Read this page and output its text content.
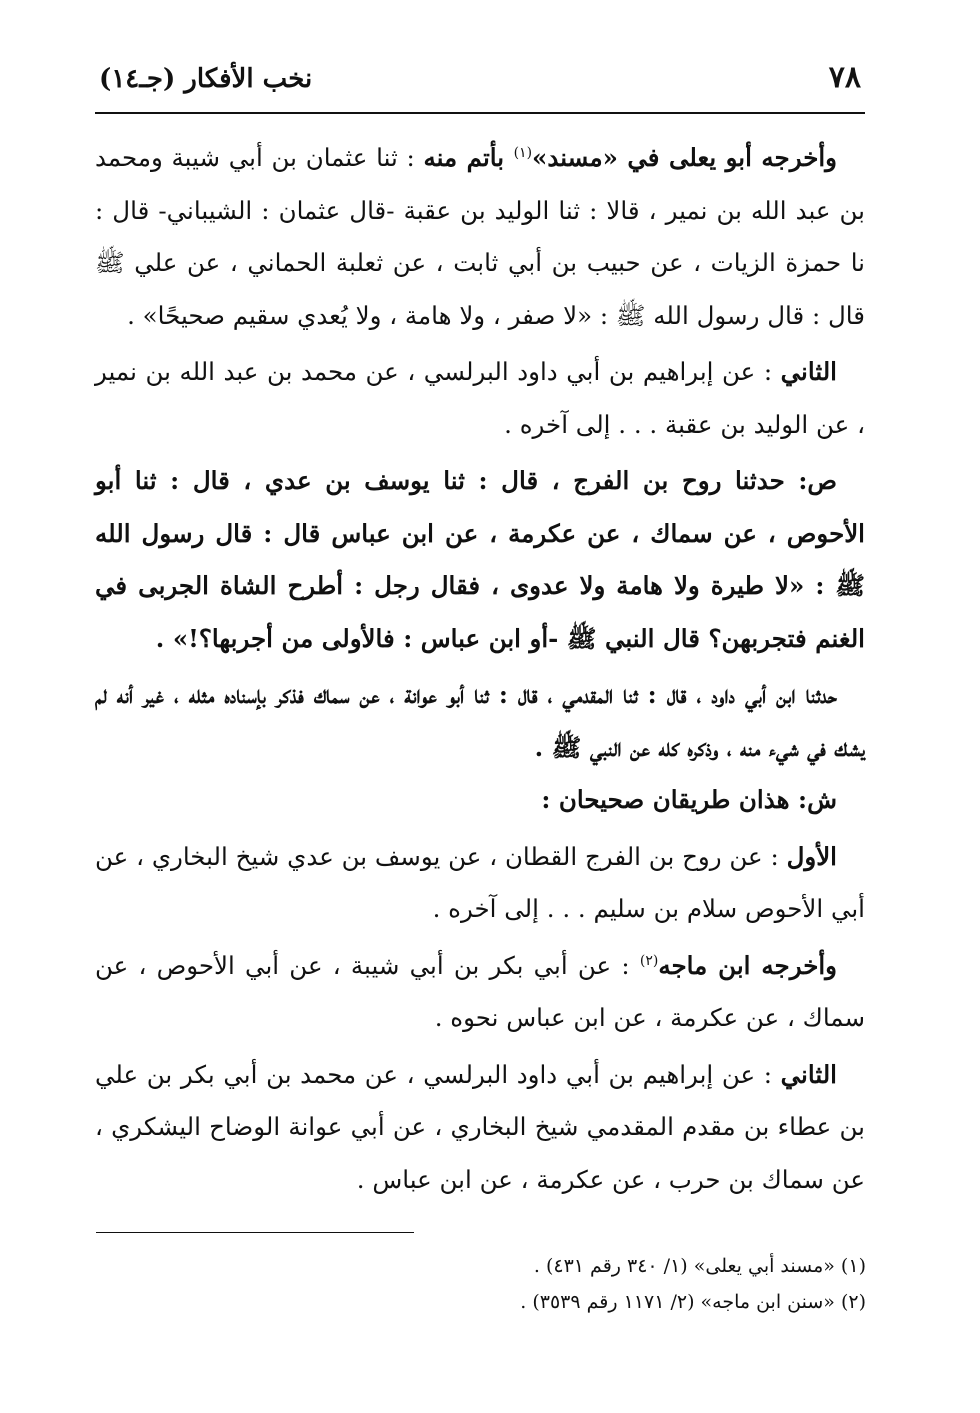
٧٨
نخب الأفكار (جـ١٤)

وأخرجه أبو يعلى في «مسند»$^{(١)}$ بأتم منه : ثنا عثمان بن أبي شيبة ومحمد بن عبد الله بن نمير ، قالا : ثنا الوليد بن عقبة -قال عثمان : الشيباني- قال : نا حمزة الزيات ، عن حبيب بن أبي ثابت ، عن ثعلبة الحماني ، عن علي ﷺ قال : قال رسول الله ﷺ : «لا صفر ، ولا هامة ، ولا يُعدي سقيم صحيحًا» .

الثاني : عن إبراهيم بن أبي داود البرلسي ، عن محمد بن عبد الله بن نمير ، عن الوليد بن عقبة . . . إلى آخره .

ص: حدثنا روح بن الفرج ، قال : ثنا يوسف بن عدي ، قال : ثنا أبو الأحوص ، عن سماك ، عن عكرمة ، عن ابن عباس قال : قال رسول الله ﷺ : «لا طيرة ولا هامة ولا عدوى ، فقال رجل : أطرح الشاة الجربى في الغنم فتجربهن؟ قال النبي ﷺ -أو ابن عباس : فالأولى من أجربها؟!» .

حدثنا ابن أبي داود ، قال : ثنا المقدمي ، قال : ثنا أبو عوانة ، عن سماك فذكر بإسناده مثله ، غير أنه لم يشك في شيء منه ، وذكره كله عن النبي ﷺ .

ش: هذان طريقان صحيحان :

الأول : عن روح بن الفرج القطان ، عن يوسف بن عدي شيخ البخاري ، عن أبي الأحوص سلام بن سليم . . . إلى آخره .

وأخرجه ابن ماجه$^{(٢)}$ : عن أبي بكر بن أبي شيبة ، عن أبي الأحوص ، عن سماك ، عن عكرمة ، عن ابن عباس نحوه .

الثاني : عن إبراهيم بن أبي داود البرلسي ، عن محمد بن أبي بكر بن علي بن عطاء بن مقدم المقدمي شيخ البخاري ، عن أبي عوانة الوضاح اليشكري ، عن سماك بن حرب ، عن عكرمة ، عن ابن عباس .

(١) «مسند أبي يعلى» (١/ ٣٤٠ رقم ٤٣١) .
(٢) «سنن ابن ماجه» (٢/ ١١٧١ رقم ٣٥٣٩) .
